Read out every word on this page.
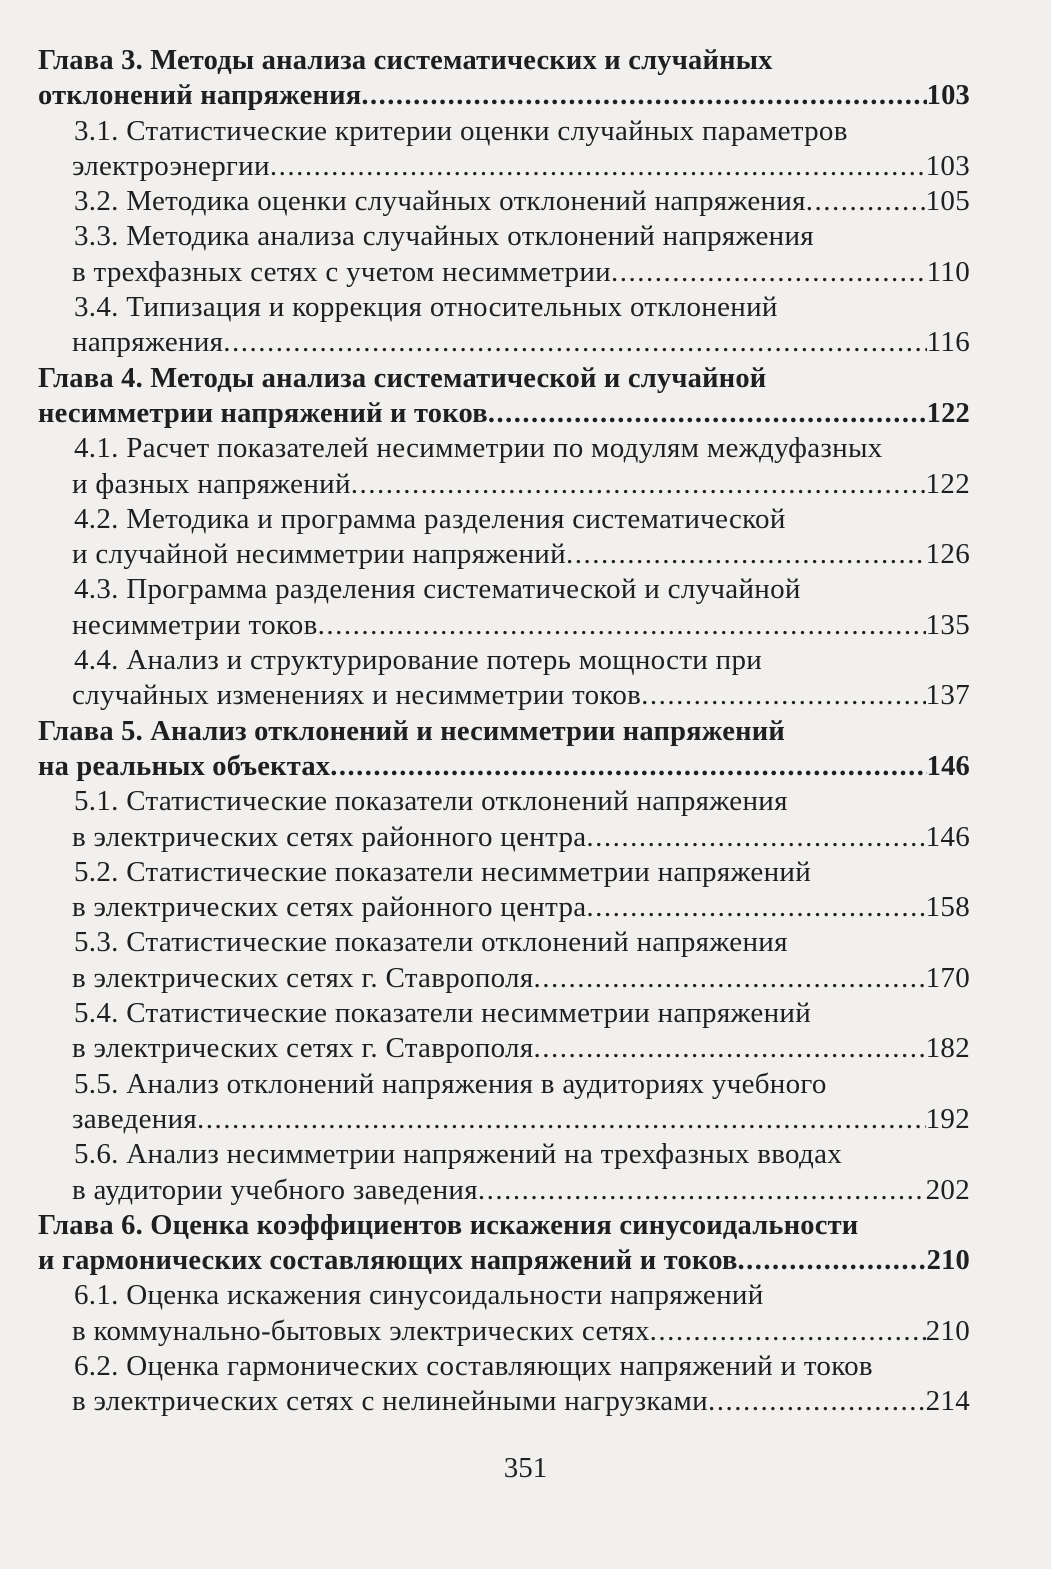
Глава 3. Методы анализа систематических и случайных
отклонений напряжения .....	103
3.1. Статистические критерии оценки случайных параметров
электроэнергии .....	103
3.2. Методика оценки случайных отклонений напряжения .....	105
3.3. Методика анализа случайных отклонений напряжения
в трехфазных сетях с учетом несимметрии .....	110
3.4. Типизация и коррекция относительных отклонений
напряжения .....	116
Глава 4. Методы анализа систематической и случайной
несимметрии напряжений и токов .....	122
4.1. Расчет показателей несимметрии по модулям междуфазных
и фазных напряжений .....	122
4.2. Методика и программа разделения систематической
и случайной несимметрии напряжений .....	126
4.3. Программа разделения систематической и случайной
несимметрии токов .....	135
4.4. Анализ и структурирование потерь мощности при
случайных изменениях и несимметрии токов .....	137
Глава 5. Анализ отклонений и несимметрии напряжений
на реальных объектах .....	146
5.1. Статистические показатели отклонений напряжения
в электрических сетях районного центра .....	146
5.2. Статистические показатели несимметрии напряжений
в электрических сетях районного центра .....	158
5.3. Статистические показатели отклонений напряжения
в электрических сетях г. Ставрополя .....	170
5.4. Статистические показатели несимметрии напряжений
в электрических сетях г. Ставрополя .....	182
5.5. Анализ отклонений напряжения в аудиториях учебного
заведения .....	192
5.6. Анализ несимметрии напряжений на трехфазных вводах
в аудитории учебного заведения .....	202
Глава 6. Оценка коэффициентов искажения синусоидальности
и гармонических составляющих напряжений и токов .....	210
6.1. Оценка искажения синусоидальности напряжений
в коммунально-бытовых электрических сетях .....	210
6.2. Оценка гармонических составляющих напряжений и токов
в электрических сетях с нелинейными нагрузками .....	214
351
